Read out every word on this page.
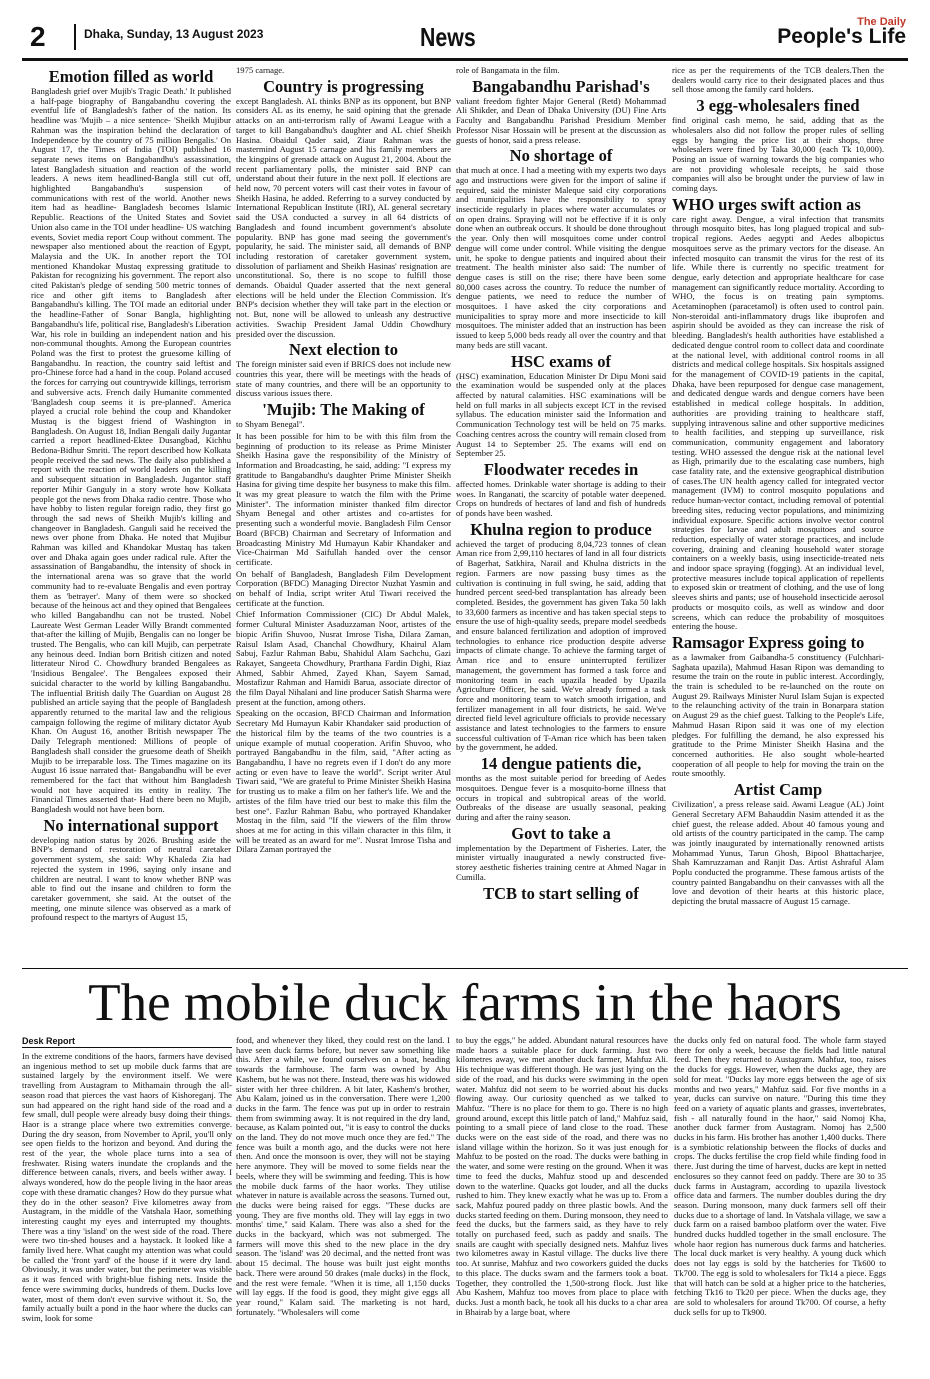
2	Dhaka, Sunday, 13 August 2023	News	The Daily
People's Life
Emotion filled as world

Bangladesh grief over Mujib's Tragic Death.' It published a half-page biography of Bangabandhu covering the eventful life of Bangladesh's father of the nation. Its headline was 'Mujib – a nice sentence- 'Sheikh Mujibur Rahman was the inspiration behind the declaration of Independence by the country of 75 million Bengalis.' On August 17, the Times of India (TOI) published 16 separate news items on Bangabandhu's assassination, latest Bangladesh situation and reaction of the world leaders. A news item headlined-Bangla still cut off, highlighted Bangabandhu's suspension of communications with rest of the world. Another news item had as headline- Bangladesh becomes Islamic Republic. Reactions of the United States and Soviet Union also came in the TOI under headline- US watching events, Soviet media report Coup without comment. The newspaper also mentioned about the reaction of Egypt, Malaysia and the UK. In another report the TOI mentioned Khandokar Mustaq expressing gratitude to Pakistan for recognizing his government. The report also cited Pakistan's pledge of sending 500 metric tonnes of rice and other gift items to Bangladesh after Bangabandhu's killing. The TOI made an editorial under the headline-Father of Sonar Bangla, highlighting Bangabandhu's life, political rise, Bangladesh's Liberation War, his role in building an independent nation and his non-communal thoughts. Among the European countries Poland was the first to protest the gruesome killing of Bangabandhu. In reaction, the country said leftist and pro-Chinese force had a hand in the coup. Poland accused the forces for carrying out countrywide killings, terrorism and subversive acts. French daily Humanite commented 'Bangladesh coup seems it is pre-planned'. America played a crucial role behind the coup and Khandoker Mustaq is the biggest friend of Washington in Bangladesh. On August 18, Indian Bengali daily Jugantar carried a report headlined-Ektee Dusangbad, Kichhu Bedona-Bidhur Smriti. The report described how Kolkata people received the sad news. The daily also published a report with the reaction of world leaders on the killing and subsequent situation in Bangladesh. Jugantor staff reporter Mihir Ganguly in a story wrote how Kolkata people got the news from Dhaka radio centre. Those who have hobby to listen regular foreign radio, they first go through the sad news of Sheikh Mujib's killing and changeover in Bangladesh. Ganguli said he received the news over phone from Dhaka. He noted that Mujibur Rahman was killed and Khandokar Mustaq has taken over and Dhaka again goes under radical rule. After the assassination of Bangabandhu, the intensity of shock in the international arena was so grave that the world community had to re-evaluate Bengalis and even portray them as 'betrayer'. Many of them were so shocked because of the heinous act and they opined that Bengalees who killed Bangabandhu can not be trusted. Nobel Laureate West German Leader Willy Brandt commented that-after the killing of Mujib, Bengalis can no longer be trusted. The Bengalis, who can kill Mujib, can perpetrate any heinous deed. Indian born British citizen and noted litterateur Nirod C. Chowdhury branded Bengalees as 'Insidious Bengalee'. The Bengalees exposed their suicidal character to the world by killing Bangabandhu. The influential British daily The Guardian on August 28 published an article saying that the people of Bangladesh apparently returned to the marital law and the religious campaign following the regime of military dictator Ayub Khan. On August 16, another British newspaper The Daily Telegraph mentioned: Millions of people of Bangladesh shall consider the gruesome death of Sheikh Mujib to be irreparable loss. The Times magazine on its August 16 issue narrated that- Bangabandhu will be ever remembered for the fact that without him Bangladesh would not have acquired its entity in reality. The Financial Times asserted that- Had there been no Mujib, Bangladesh would not have been born.

No international support

developing nation status by 2026. Brushing aside the BNP's demand of restoration of neutral caretaker government system, she said: Why Khaleda Zia had rejected the system in 1996, saying only insane and children are neutral. I want to know whether BNP was able to find out the insane and children to form the caretaker government, she said. At the outset of the meeting, one minute silence was observed as a mark of profound respect to the martyrs of August 15,

1975 carnage.

Country is progressing

except Bangladesh. AL thinks BNP as its opponent, but BNP considers AL as its enemy, he said opining that the grenade attacks on an anti-terrorism rally of Awami League with a target to kill Bangabandhu's daughter and AL chief Sheikh Hasina. Obaidul Qader said, Ziaur Rahman was the mastermind August 15 carnage and his family members are the kingpins of grenade attack on August 21, 2004. About the recent parliamentary polls, the minister said BNP can understand about their future in the next poll. If elections are held now, 70 percent voters will cast their votes in favour of Sheikh Hasina, he added. Referring to a survey conducted by International Republican Institute (IRI), AL general secretary said the USA conducted a survey in all 64 districts of Bangladesh and found incumbent government's absolute popularity. BNP has gone mad seeing the government's popularity, he said. The minister said, all demands of BNP including restoration of caretaker government system, dissolution of parliament and Sheikh Hasinas' resignation are unconstitutional. So, there is no scope to fulfill those demands. Obaidul Quader asserted that the next general elections will be held under the Election Commission. It's BNP's decision whether they will take part in the election or not. But, none will be allowed to unleash any destructive activities. Swachip President Jamal Uddin Chowdhury presided over the discussion.

Next election to

The foreign minister said even if BRICS does not include new countries this year, there will be meetings with the heads of state of many countries, and there will be an opportunity to discuss various issues there.

'Mujib: The Making of

to Shyam Benegal".

It has been possible for him to be with this film from the beginning of production to its release as Prime Minister Sheikh Hasina gave the responsibility of the Ministry of Information and Broadcasting, he said, adding: "I express my gratitude to Bangabandhu's daughter Prime Minister Sheikh Hasina for giving time despite her busyness to make this film. It was my great pleasure to watch the film with the Prime Minister". The information minister thanked film director Shyam Benegal and other artistes and co-artistes for presenting such a wonderful movie. Bangladesh Film Censor Board (BFCB) Chairman and Secretary of Information and Broadcasting Ministry Md Humayun Kabir Khandaker and Vice-Chairman Md Saifullah handed over the censor certificate.

On behalf of Bangladesh, Bangladesh Film Development Corporation (BFDC) Managing Director Nuzhat Yasmin and on behalf of India, script writer Atul Tiwari received the certificate at the function.

Chief Information Commissioner (CIC) Dr Abdul Malek, former Cultural Minister Asaduzzaman Noor, artistes of the biopic Arifin Shuvoo, Nusrat Imrose Tisha, Dilara Zaman, Raisul Islam Asad, Chanchal Chowdhury, Khairul Alam Sabuj, Fazlur Rahman Babu, Shahidul Alam Sachchu, Gazi Rakayet, Sangeeta Chowdhury, Prarthana Fardin Dighi, Riaz Ahmed, Sabbir Ahmed, Zayed Khan, Sayem Samad, Mostafizur Rahman and Hamidi Barua, associate director of the film Dayal Nihalani and line producer Satish Sharma were present at the function, among others.

Speaking on the occasion, BFCD Chairman and Information Secretary Md Humayun Kabir Khandaker said production of the historical film by the teams of the two countries is a unique example of mutual cooperation. Arifin Shuvoo, who portrayed Bangabandhu in the film, said, "After acting as Bangabandhu, I have no regrets even if I don't do any more acting or even have to leave the world". Script writer Atul Tiwari said, "We are grateful to Prime Minister Sheikh Hasina for trusting us to make a film on her father's life. We and the artistes of the film have tried our best to make this film the best one". Fazlur Rahman Babu, who portrayed Khandaker Mostaq in the film, said "If the viewers of the film throw shoes at me for acting in this villain character in this film, it will be treated as an award for me". Nusrat Imrose Tisha and Dilara Zaman portrayed the

role of Bangamata in the film.

Bangabandhu Parishad's

valiant freedom fighter Major General (Retd) Mohammad Ali Shikder, and Dean of Dhaka University (DU) Fine Arts Faculty and Bangabandhu Parishad Presidium Member Professor Nisar Hossain will be present at the discussion as guests of honor, said a press release.

No shortage of

that much at once. I had a meeting with my experts two days ago and instructions were given for the import of saline if required, said the minister Maleque said city corporations and municipalities have the responsibility to spray insecticide regularly in places where water accumulates or on open drains. Spraying will not be effective if it is only done when an outbreak occurs. It should be done throughout the year. Only then will mosquitoes come under control dengue will come under control. While visiting the dengue unit, he spoke to dengue patients and inquired about their treatment. The health minister also said: The number of dengue cases is still on the rise; there have been some 80,000 cases across the country. To reduce the number of dengue patients, we need to reduce the number of mosquitoes. I have asked the city corporations and municipalities to spray more and more insecticide to kill mosquitoes. The minister added that an instruction has been issued to keep 5,000 beds ready all over the country and that many beds are still vacant.

HSC exams of

(HSC) examination, Education Minister Dr Dipu Moni said the examination would be suspended only at the places affected by natural calamities. HSC examinations will be held on full marks in all subjects except ICT in the revised syllabus. The education minister said the Information and Communication Technology test will be held on 75 marks. Coaching centres across the country will remain closed from August 14 to September 25. The exams will end on September 25.

Floodwater recedes in

affected homes. Drinkable water shortage is adding to their woes. In Ranganati, the scarcity of potable water deepened. Crops on hundreds of hectares of land and fish of hundreds of ponds have been washed.

Khulna region to produce

achieved the target of producing 8,04,723 tonnes of clean Aman rice from 2,99,110 hectares of land in all four districts of Bagerhat, Satkhira, Narail and Khulna districts in the region. Farmers are now passing busy times as the cultivation is continuing in full swing, he said, adding that hundred percent seed-bed transplantation has already been completed. Besides, the government has given Taka 50 lakh to 33,600 farmers as incentive and has taken special steps to ensure the use of high-quality seeds, prepare model seedbeds and ensure balanced fertilization and adoption of improved technologies to enhance rice production despite adverse impacts of climate change. To achieve the farming target of Aman rice and to ensure uninterrupted fertilizer management, the government has formed a task force and monitoring team in each upazila headed by Upazila Agriculture Officer, he said. We've already formed a task force and monitoring team to watch smooth irrigation, and fertilizer management in all four districts, he said. We've directed field level agriculture officials to provide necessary assistance and latest technologies to the farmers to ensure successful cultivation of T-Aman rice which has been taken by the government, he added.

14 dengue patients die,

months as the most suitable period for breeding of Aedes mosquitoes. Dengue fever is a mosquito-borne illness that occurs in tropical and subtropical areas of the world. Outbreaks of the disease are usually seasonal, peaking during and after the rainy season.

Govt to take a

implementation by the Department of Fisheries. Later, the minister virtually inaugurated a newly constructed five-storey aesthetic fisheries training centre at Ahmed Nagar in Cumilla.

TCB to start selling of

rice as per the requirements of the TCB dealers.Then the dealers would carry rice to their designated places and thus sell those among the family card holders.

3 egg-wholesalers fined

find original cash memo, he said, adding that as the wholesalers also did not follow the proper rules of selling eggs by hanging the price list at their shops, three wholesalers were fined by Taka 30,000 (each Tk 10,000). Posing an issue of warning towards the big companies who are not providing wholesale receipts, he said those companies will also be brought under the purview of law in coming days.

WHO urges swift action as

care right away. Dengue, a viral infection that transmits through mosquito bites, has long plagued tropical and sub-tropical regions. Aedes aegypti and Aedes albopictus mosquitoes serve as the primary vectors for the disease. An infected mosquito can transmit the virus for the rest of its life. While there is currently no specific treatment for dengue, early detection and appropriate healthcare for case management can significantly reduce mortality. According to WHO, the focus is on treating pain symptoms. Acetaminophen (paracetamol) is often used to control pain. Non-steroidal anti-inflammatory drugs like ibuprofen and aspirin should be avoided as they can increase the risk of bleeding. Bangladesh's health authorities have established a dedicated dengue control room to collect data and coordinate at the national level, with additional control rooms in all districts and medical college hospitals. Six hospitals assigned for the management of COVID-19 patients in the capital, Dhaka, have been repurposed for dengue case management, and dedicated dengue wards and dengue corners have been established in medical college hospitals. In addition, authorities are providing training to healthcare staff, supplying intravenous saline and other supportive medicines to health facilities, and stepping up surveillance, risk communication, community engagement and laboratory testing. WHO assessed the dengue risk at the national level as High, primarily due to the escalating case numbers, high case fatality rate, and the extensive geographical distribution of cases.The UN health agency called for integrated vector management (IVM) to control mosquito populations and reduce human-vector contact, including removal of potential breeding sites, reducing vector populations, and minimizing individual exposure. Specific actions involve vector control strategies for larvae and adult mosquitoes and source reduction, especially of water storage practices, and include covering, draining and cleaning household water storage containers on a weekly basis, using insecticide-treated nets and indoor space spraying (fogging). At an individual level, protective measures include topical application of repellents to exposed skin or treatment of clothing, and the use of long sleeves shirts and pants; use of household insecticide aerosol products or mosquito coils, as well as window and door screens, which can reduce the probability of mosquitoes entering the house.

Ramsagor Express going to

as a lawmaker from Gaibandha-5 constituency (Fulchhari-Saghata upazila), Mahmud Hasan Ripon was demanding to resume the train on the route in public interest. Accordingly, the train is scheduled to be re-launched on the route on August 29. Railways Minister Nurul Islam Sujan is expected to the relaunching activity of the train in Bonarpara station on August 29 as the chief guest. Talking to the People's Life, Mahmud Hasan Ripon said it was one of my election pledges. For fulfilling the demand, he also expressed his gratitude to the Prime Minister Sheikh Hasina and the concerned authorities. He also sought whole-hearted cooperation of all people to help for moving the train on the route smoothly.

Artist Camp

Civilization', a press release said. Awami League (AL) Joint General Secretary AFM Bahauddin Nasim attended it as the chief guest, the release added. About 40 famous young and old artists of the country participated in the camp. The camp was jointly inaugurated by internationally renowned artists Mohammad Yunus, Tarun Ghosh, Bipool Bhattacharjee, Shah Kamruzzaman and Ranjit Das. Artist Ashraful Alam Poplu conducted the programme. These famous artists of the country painted Bangabandhu on their canvasses with all the love and devotion of their hearts at this historic place, depicting the brutal massacre of August 15 carnage.

The mobile duck farms in the haors
Desk Report

In the extreme conditions of the haors, farmers have devised an ingenious method to set up mobile duck farms that are sustained largely by the environment itself. We were travelling from Austagram to Mithamain through the all-season road that pierces the vast haors of Kishoreganj. The sun had appeared on the right hand side of the road and a few small, dull people were already busy doing their things. Haor is a strange place where two extremities converge. During the dry season, from November to April, you'll only see open fields to the horizon and beyond. And during the rest of the year, the whole place turns into a sea of freshwater. Rising waters inundate the croplands and the difference between canals, rivers, and beels wither away. I always wondered, how do the people living in the haor areas cope with these dramatic changes? How do they pursue what they do in the other season? Five kilometres away from Austagram, in the middle of the Vatshala Haor, something interesting caught my eyes and interrupted my thoughts. There was a tiny 'island' on the west side of the road. There were two tin-shed houses and a haystack. It looked like a family lived here. What caught my attention was what could be called the 'front yard' of the house if it were dry land. Obviously, it was under water, but the perimeter was visible as it was fenced with bright-blue fishing nets. Inside the fence were swimming ducks, hundreds of them. Ducks love water, most of them don't even survive without it. So, the family actually built a pond in the haor where the ducks can swim, look for some

food, and whenever they liked, they could rest on the land. I have seen duck farms before, but never saw something like this. After a while, we found ourselves on a boat, heading towards the farmhouse. The farm was owned by Abu Kashem, but he was not there. Instead, there was his widowed sister with her three children. A bit later, Kashem's brother, Abu Kalam, joined us in the conversation. There were 1,200 ducks in the farm. The fence was put up in order to restrain them from swimming away. It is not required in the dry land, because, as Kalam pointed out, "it is easy to control the ducks on the land. They do not move much once they are fed." The fence was built a month ago, and the ducks were not here then. And once the monsoon is over, they will not be staying here anymore. They will be moved to some fields near the beels, where they will be swimming and feeding. This is how the mobile duck farms of the haor works. They utilise whatever in nature is available across the seasons. Turned out, the ducks were being raised for eggs. "These ducks are young. They are five months old. They will lay eggs in two months' time," said Kalam. There was also a shed for the ducks in the backyard, which was not submerged. The farmers will move this shed to the new place in the dry season. The 'island' was 20 decimal, and the netted front was about 15 decimal. The house was built just eight months back. There were around 50 drakes (male ducks) in the flock, and the rest were female. "When it is time, all 1,150 ducks will lay eggs. If the food is good, they might give eggs all year round," Kalam said. The marketing is not hard, fortunately. "Wholesalers will come

to buy the eggs," he added. Abundant natural resources have made haors a suitable place for duck farming. Just two kilometres away, we met another duck farmer, Mahfuz Ali. His technique was different though. He was just lying on the side of the road, and his ducks were swimming in the open water. Mahfuz did not seem to be worried about his ducks flowing away. Our curiosity quenched as we talked to Mahfuz. "There is no place for them to go. There is no high ground around, except this little patch of land," Mahfuz said, pointing to a small piece of land close to the road. These ducks were on the east side of the road, and there was no island village within the horizon. So it was just enough for Mahfuz to be posted on the road. The ducks were bathing in the water, and some were resting on the ground. When it was time to feed the ducks, Mahfuz stood up and descended down to the waterline. Quacks got louder, and all the ducks rushed to him. They knew exactly what he was up to. From a sack, Mahfuz poured paddy on three plastic bowls. And the ducks started feeding on them. During monsoon, they need to feed the ducks, but the farmers said, as they have to rely totally on purchased feed, such as paddy and snails. The snails are caught with specially designed nets. Mahfuz lives two kilometres away in Kastul village. The ducks live there too. At sunrise, Mahfuz and two coworkers guided the ducks to this place. The ducks swam and the farmers took a boat. Together, they controlled the 1,500-strong flock. Just like Abu Kashem, Mahfuz too moves from place to place with ducks. Just a month back, he took all his ducks to a char area in Bhairab by a large boat, where

the ducks only fed on natural food. The whole farm stayed there for only a week, because the fields had little natural feed. Then they returned to Austagram. Mahfuz, too, raises the ducks for eggs. However, when the ducks age, they are sold for meat. "Ducks lay more eggs between the age of six months and two years," Mahfuz said. For five months in a year, ducks can survive on nature. "During this time they feed on a variety of aquatic plants and grasses, invertebrates, fish - all naturally found in the haor," said Nomoj Kha, another duck farmer from Austagram. Nomoj has 2,500 ducks in his farm. His brother has another 1,400 ducks. There is a symbiotic relationship between the flocks of ducks and crops. The ducks fertilise the crop field while finding food in there. Just during the time of harvest, ducks are kept in netted enclosures so they cannot feed on paddy. There are 30 to 35 duck farms in Austagram, according to upazila livestock office data and farmers. The number doubles during the dry season. During monsoon, many duck farmers sell off their ducks due to a shortage of land. In Vatshala village, we saw a duck farm on a raised bamboo platform over the water. Five hundred ducks huddled together in the small enclosure. The whole haor region has numerous duck farms and hatcheries. The local duck market is very healthy. A young duck which does not lay eggs is sold by the hatcheries for Tk600 to Tk700. The egg is sold to wholesalers for Tk14 a piece. Eggs that will hatch can be sold at a higher price to the hatcheries, fetching Tk16 to Tk20 per piece. When the ducks age, they are sold to wholesalers for around Tk700. Of course, a hefty duck sells for up to Tk900.
